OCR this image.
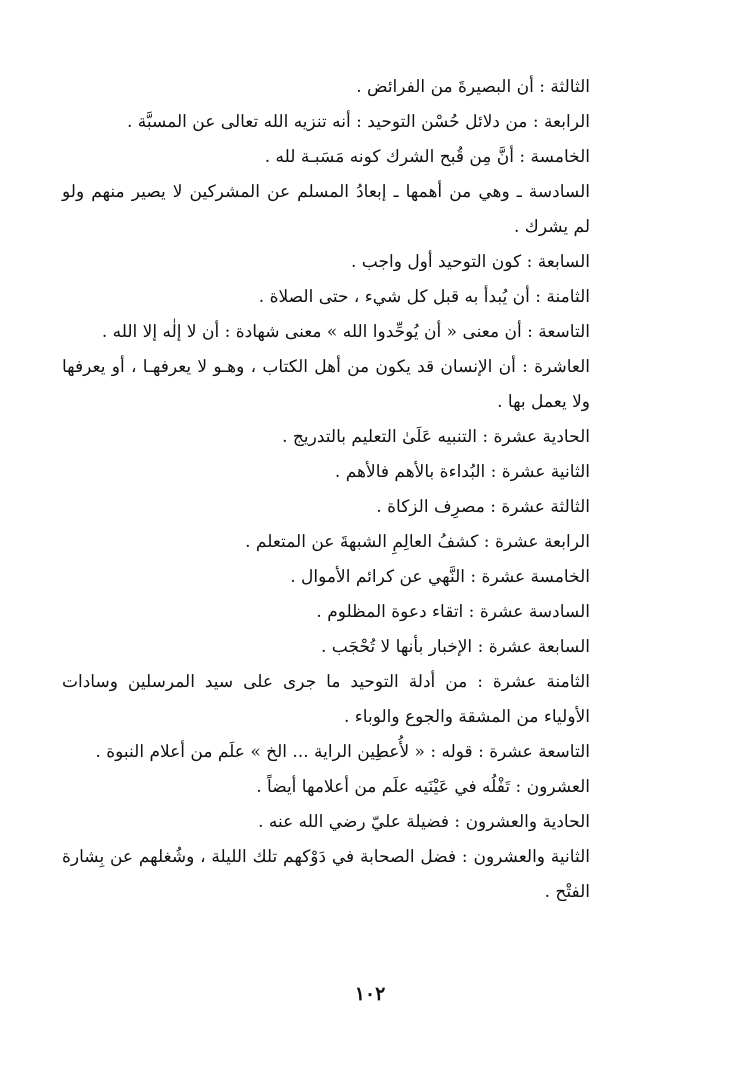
الثالثة : أن البصيرةَ من الفرائض .

الرابعة : من دلائل حُسْن التوحيد : أنه تنزيه الله تعالى عن المسبَّة .

الخامسة : أنَّ مِن قُبح الشرك كونه مَسَبـة لله .

السادسة ـ وهي من أهمها ـ إبعادُ المسلم عن المشركين لا يصير منهم ولو لم يشرك .

السابعة : كون التوحيد أول واجب .

الثامنة : أن يُبدأ به قبل كل شيء ، حتى الصلاة .

التاسعة : أن معنى « أن يُوحِّدوا الله » معنى شهادة : أن لا إلٰه إلا الله .

العاشرة : أن الإنسان قد يكون من أهل الكتاب ، وهـو لا يعرفهـا ، أو يعرفها ولا يعمل بها .

الحادية عشرة : التنبيه عَلَىٰ التعليم بالتدريج .

الثانية عشرة : البُداءة بالأهم فالأهم .

الثالثة عشرة : مصرِف الزكاة .

الرابعة عشرة : كشفُ العالِمِ الشبهةَ عن المتعلم .

الخامسة عشرة : النَّهي عن كرائم الأموال .

السادسة عشرة : اتقاء دعوة المظلوم .

السابعة عشرة : الإخبار بأنها لا تُحْجَب .

الثامنة عشرة : من أدلة التوحيد ما جرى على سيد المرسلين وسادات الأولياء من المشقة والجوع والوباء .

التاسعة عشرة : قوله : « لأُعطِين الراية ... الخ » علَم من أعلام النبوة .

العشرون : تَفْلُه في عَيْنَيه علَم من أعلامها أيضاً .

الحادية والعشرون : فضيلة عليّ رضي الله عنه .

الثانية والعشرون : فضل الصحابة في دَوْكهم تلك الليلة ، وشُغلهم عن بِشارة الفتْح .

١٠٢
